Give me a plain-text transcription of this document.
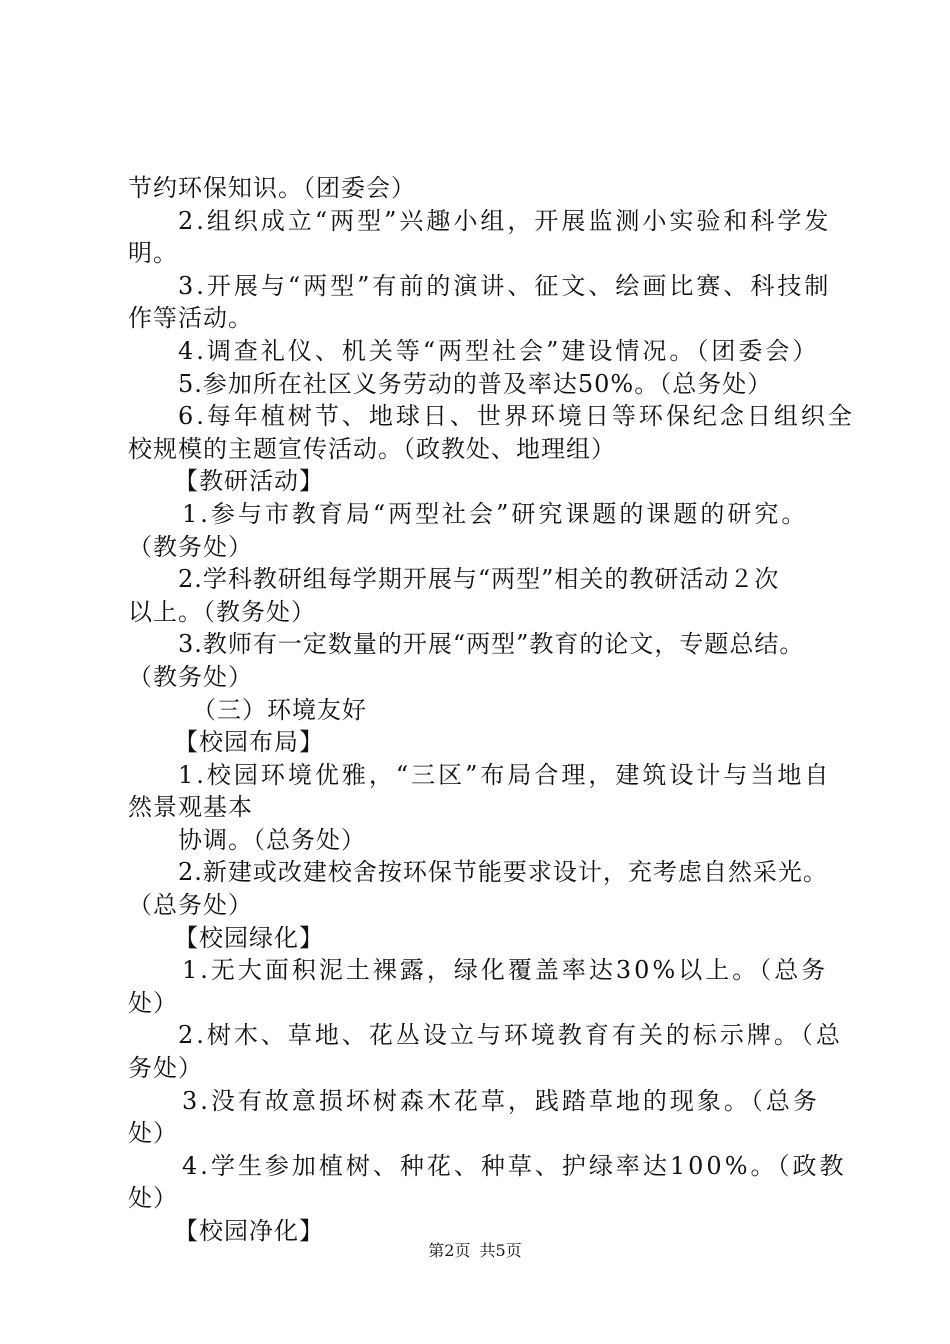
节约环保知识。（团委会）
2.组织成立“两型”兴趣小组，开展监测小实验和科学发
明。
3.开展与“两型”有前的演讲、征文、绘画比赛、科技制
作等活动。
4.调查礼仪、机关等“两型社会”建设情况。（团委会）
5.参加所在社区义务劳动的普及率达50%。（总务处）
6.每年植树节、地球日、世界环境日等环保纪念日组织全
校规模的主题宣传活动。（政教处、地理组）
【教研活动】
1.参与市教育局“两型社会”研究课题的课题的研究。
（教务处）
2.学科教研组每学期开展与“两型”相关的教研活动２次
以上。（教务处）
3.教师有一定数量的开展“两型”教育的论文，专题总结。
（教务处）
（三）环境友好
【校园布局】
1.校园环境优雅，“三区”布局合理，建筑设计与当地自
然景观基本
协调。（总务处）
2.新建或改建校舍按环保节能要求设计，充考虑自然采光。
（总务处）
【校园绿化】
1.无大面积泥土裸露，绿化覆盖率达30%以上。（总务
处）
2.树木、草地、花丛设立与环境教育有关的标示牌。（总
务处）
3.没有故意损坏树森木花草，践踏草地的现象。（总务
处）
4.学生参加植树、种花、种草、护绿率达100%。（政教
处）
【校园净化】
第2页 共5页
